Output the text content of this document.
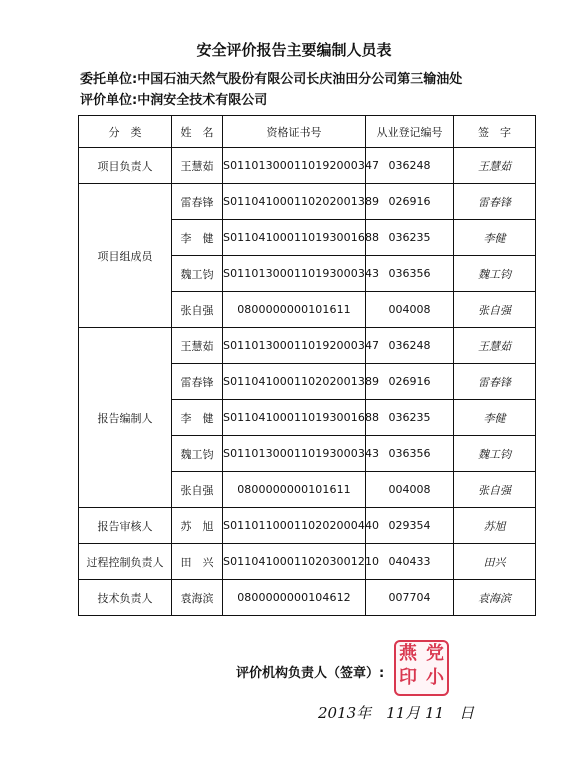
安全评价报告主要编制人员表
委托单位:中国石油天然气股份有限公司长庆油田分公司第三输油处
评价单位:中润安全技术有限公司
分　类	姓　名	资格证书号	从业登记编号	签　字
项目负责人	王慧茹	S011013000110192000347	036248	王慧茹
项目组成员	雷春锋	S011041000110202001389	026916	雷春锋
	李　健	S011041000110193001688	036235	李健
	魏工钧	S011013000110193000343	036356	魏工钧
	张自强	0800000000101611	004008	张自强
报告编制人	王慧茹	S011013000110192000347	036248	王慧茹
	雷春锋	S011041000110202001389	026916	雷春锋
	李　健	S011041000110193001688	036235	李健
	魏工钧	S011013000110193000343	036356	魏工钧
	张自强	0800000000101611	004008	张自强
报告审核人	苏　旭	S011011000110202000440	029354	苏旭
过程控制负责人	田　兴	S011041000110203001210	040433	田兴
技术负责人	袁海滨	0800000000104612	007704	袁海滨
评价机构负责人（签章）:
党
小
燕
印
2013年　11月 11　日
